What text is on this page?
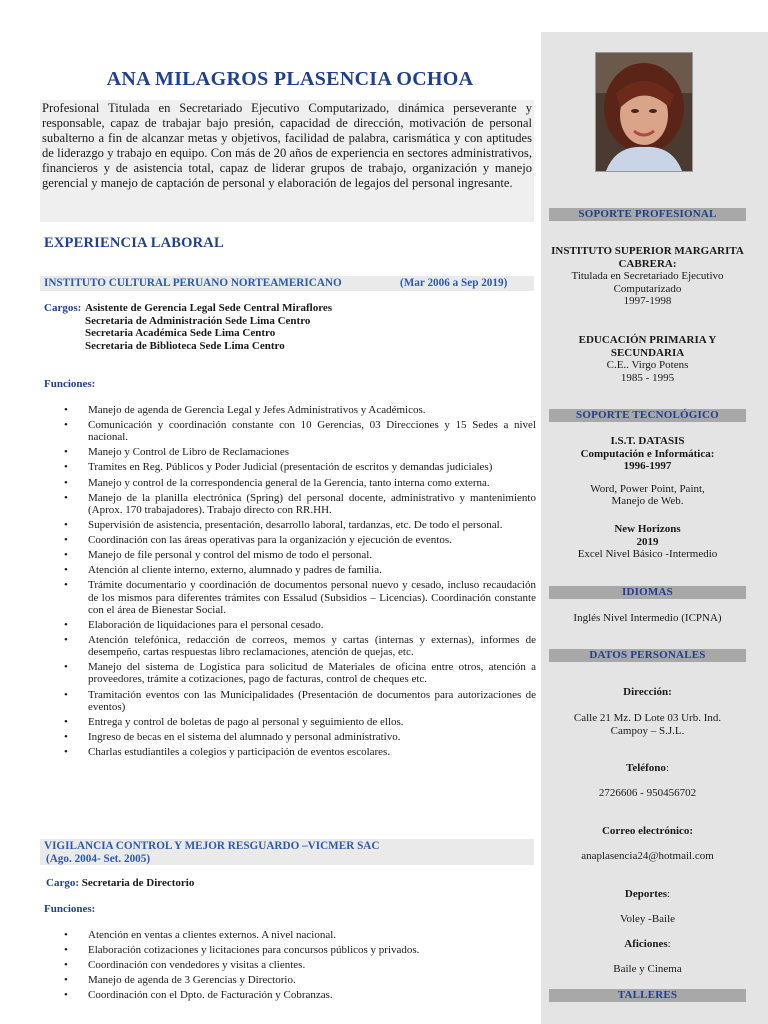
ANA MILAGROS PLASENCIA OCHOA
Profesional Titulada en Secretariado Ejecutivo Computarizado, dinámica perseverante y responsable, capaz de trabajar bajo presión, capacidad de dirección, motivación de personal subalterno a fin de alcanzar metas y objetivos, facilidad de palabra, carismática y con aptitudes de liderazgo y trabajo en equipo. Con más de 20 años de experiencia en sectores administrativos, financieros y de asistencia total, capaz de liderar grupos de trabajo, organización y manejo gerencial y manejo de captación de personal y elaboración de legajos del personal ingresante.
EXPERIENCIA LABORAL
INSTITUTO CULTURAL PERUANO NORTEAMERICANO	(Mar 2006 a Sep 2019)
Cargos: Asistente de Gerencia Legal Sede Central Miraflores
Secretaria de Administración Sede Lima Centro
Secretaria Académica Sede Lima Centro
Secretaria de Biblioteca Sede Lima Centro
Funciones:
• Manejo de agenda de Gerencia Legal y Jefes Administrativos y Académicos.
• Comunicación y coordinación constante con 10 Gerencias, 03 Direcciones y 15 Sedes a nivel nacional.
• Manejo y Control de Libro de Reclamaciones
• Tramites en Reg. Públicos y Poder Judicial (presentación de escritos y demandas judiciales)
• Manejo y control de la correspondencia general de la Gerencia, tanto interna como externa.
• Manejo de la planilla electrónica (Spring) del personal docente, administrativo y mantenimiento (Aprox. 170 trabajadores). Trabajo directo con RR.HH.
• Supervisión de asistencia, presentación, desarrollo laboral, tardanzas, etc. De todo el personal.
• Coordinación con las áreas operativas para la organización y ejecución de eventos.
• Manejo de file personal y control del mismo de todo el personal.
• Atención al cliente interno, externo, alumnado y padres de familia.
• Trámite documentario y coordinación de documentos personal nuevo y cesado, incluso recaudación de los mismos para diferentes trámites con Essalud (Subsidios – Licencias). Coordinación constante con el área de Bienestar Social.
• Elaboración de liquidaciones para el personal cesado.
• Atención telefónica, redacción de correos, memos y cartas (internas y externas), informes de desempeño, cartas respuestas libro reclamaciones, atención de quejas, etc.
• Manejo del sistema de Logística para solicitud de Materiales de oficina entre otros, atención a proveedores, trámite a cotizaciones, pago de facturas, control de cheques etc.
• Tramitación eventos con las Municipalidades (Presentación de documentos para autorizaciones de eventos)
• Entrega y control de boletas de pago al personal y seguimiento de ellos.
• Ingreso de becas en el sistema del alumnado y personal administrativo.
• Charlas estudiantiles a colegios y participación de eventos escolares.
VIGILANCIA CONTROL Y MEJOR RESGUARDO –VICMER SAC
(Ago. 2004- Set. 2005)
Cargo: Secretaria de Directorio
Funciones:
• Atención en ventas a clientes externos. A nivel nacional.
• Elaboración cotizaciones y licitaciones para concursos públicos y privados.
• Coordinación con vendedores y visitas a clientes.
• Manejo de agenda de 3 Gerencias y Directorio.
• Coordinación con el Dpto. de Facturación y Cobranzas.
SOPORTE PROFESIONAL
INSTITUTO SUPERIOR MARGARITA CABRERA:
Titulada en Secretariado Ejecutivo Computarizado
1997-1998
EDUCACIÓN PRIMARIA Y SECUNDARIA
C.E.. Virgo Potens
1985 - 1995
SOPORTE TECNOLÓGICO
I.S.T. DATASIS
Computación e Informática:
1996-1997
Word, Power Point, Paint, Manejo de Web.
New Horizons
2019
Excel Nivel Básico -Intermedio
IDIOMAS
Inglés Nivel Intermedio (ICPNA)
DATOS PERSONALES
Dirección:
Calle 21 Mz. D Lote 03 Urb. Ind. Campoy – S.J.L.
Teléfono:
2726606 - 950456702
Correo electrónico:
anaplasencia24@hotmail.com
Deportes:
Voley -Baile
Aficiones:
Baile y Cinema
TALLERES
